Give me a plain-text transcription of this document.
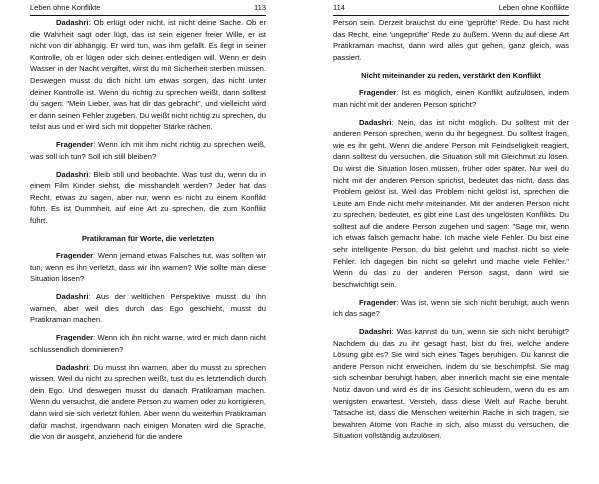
Leben ohne Konflikte	113

Dadashri: Ob erlügt oder nicht, ist nicht deine Sache. Ob er die Wahrheit sagt oder lügt, das ist sein eigener freier Wille, er ist nicht von dir abhängig. Er wird tun, was ihm gefällt. Es liegt in seiner Kontrolle, ob er lügen oder sich deiner entledigen will. Wenn er dein Wasser in der Nacht vergiftet, wirst du mit Sicherheit sterben müssen. Deswegen musst du dich nicht um etwas sorgen, das nicht unter deiner Kontrolle ist. Wenn du richtig zu sprechen weißt, dann solltest du sagen: "Mein Lieber, was hat dir das gebracht", und vielleicht wird er dann seinen Fehler zugeben. Du weißt nicht richtig zu sprechen, du teilst aus und er wird sich mit doppelter Stärke rächen.

Fragender: Wenn ich mit ihm nicht richtig zu sprechen weiß, was soll ich tun? Soll ich still bleiben?

Dadashri: Bleib still und beobachte. Was tust du, wenn du in einem Film Kinder siehst, die misshandelt werden? Jeder hat das Recht, etwas zu sagen, aber nur, wenn es nicht zu einem Konflikt führt. Es ist Dummheit, auf eine Art zu sprechen, die zum Konflikt führt.

Pratikraman für Worte, die verletzten

Fragender: Wenn jemand etwas Falsches tut, was sollten wir tun, wenn es ihn verletzt, dass wir ihn warnen? Wie sollte man diese Situation lösen?

Dadashri: Aus der weltlichen Perspektive musst du ihn warnen, aber weil dies durch das Ego geschieht, musst du Pratikraman machen.

Fragender: Wenn ich ihn nicht warne, wird er mich dann nicht schlussendlich dominieren?

Dadashri: Du musst ihn warnen, aber du musst zu sprechen wissen. Weil du nicht zu sprechen weißt, tust du es letztendlich durch dein Ego. Und deswegen musst du danach Pratikraman machen. Wenn du versuchst, die andere Person zu warnen oder zu korrigieren, dann wird sie sich verletzt fühlen. Aber wenn du weiterhin Pratikraman dafür machst, irgendwann nach einigen Monaten wird die Sprache, die von dir ausgeht, anziehend für die andere

114	Leben ohne Konflikte

Person sein. Derzeit brauchst du eine 'geprüfte' Rede. Du hast nicht das Recht, eine 'ungeprüfte' Rede zu äußern. Wenn du auf diese Art Pratikraman machst, dann wird alles gut gehen, ganz gleich, was passiert.

Nicht miteinander zu reden, verstärkt den Konflikt

Fragender: Ist es möglich, einen Konflikt aufzulösen, indem man nicht mit der anderen Person spricht?

Dadashri: Nein, das ist nicht möglich. Du solltest mit der anderen Person sprechen, wenn du ihr begegnest. Du solltest fragen, wie es ihr geht. Wenn die andere Person mit Feindseligkeit reagiert, dann solltest du versuchen, die Situation still mit Gleichmut zu lösen. Du wirst die Situation lösen müssen, früher oder später. Nur weil du nicht mit der anderen Person sprichst, bedeutet das nicht, dass das Problem gelöst ist. Weil das Problem nicht gelöst ist, sprechen die Leute am Ende nicht mehr miteinander. Mit der anderen Person nicht zu sprechen, bedeutet, es gibt eine Last des ungelösten Konflikts. Du solltest auf die andere Person zugehen und sagen: "Sage mir, wenn ich etwas falsch gemacht habe. Ich mache viele Fehler. Du bist eine sehr intelligente Person, du bist gelehrt und machst nicht so viele Fehler. Ich dagegen bin nicht so gelehrt und mache viele Fehler." Wenn du das zu der anderen Person sagst, dann wird sie beschwichtigt sein.

Fragender: Was ist, wenn sie sich nicht beruhigt, auch wenn ich das sage?

Dadashri: Was kannst du tun, wenn sie sich nicht beruhigt? Nachdem du das zu ihr gesagt hast, bist du frei, welche andere Lösung gibt es? Sie wird sich eines Tages beruhigen. Du kannst die andere Person nicht erweichen, indem du sie beschimpfst. Sie mag sich scheinbar beruhigt haben, aber innerlich macht sie eine mentale Notiz davon und wird es dir ins Gesicht schleudern, wenn du es am wenigsten erwartest. Versteh, dass diese Welt auf Rache beruht. Tatsache ist, dass die Menschen weiterhin Rache in sich tragen, sie bewahren Atome von Rache in sich, also musst du versuchen, die Situation vollständig aufzulösen.
